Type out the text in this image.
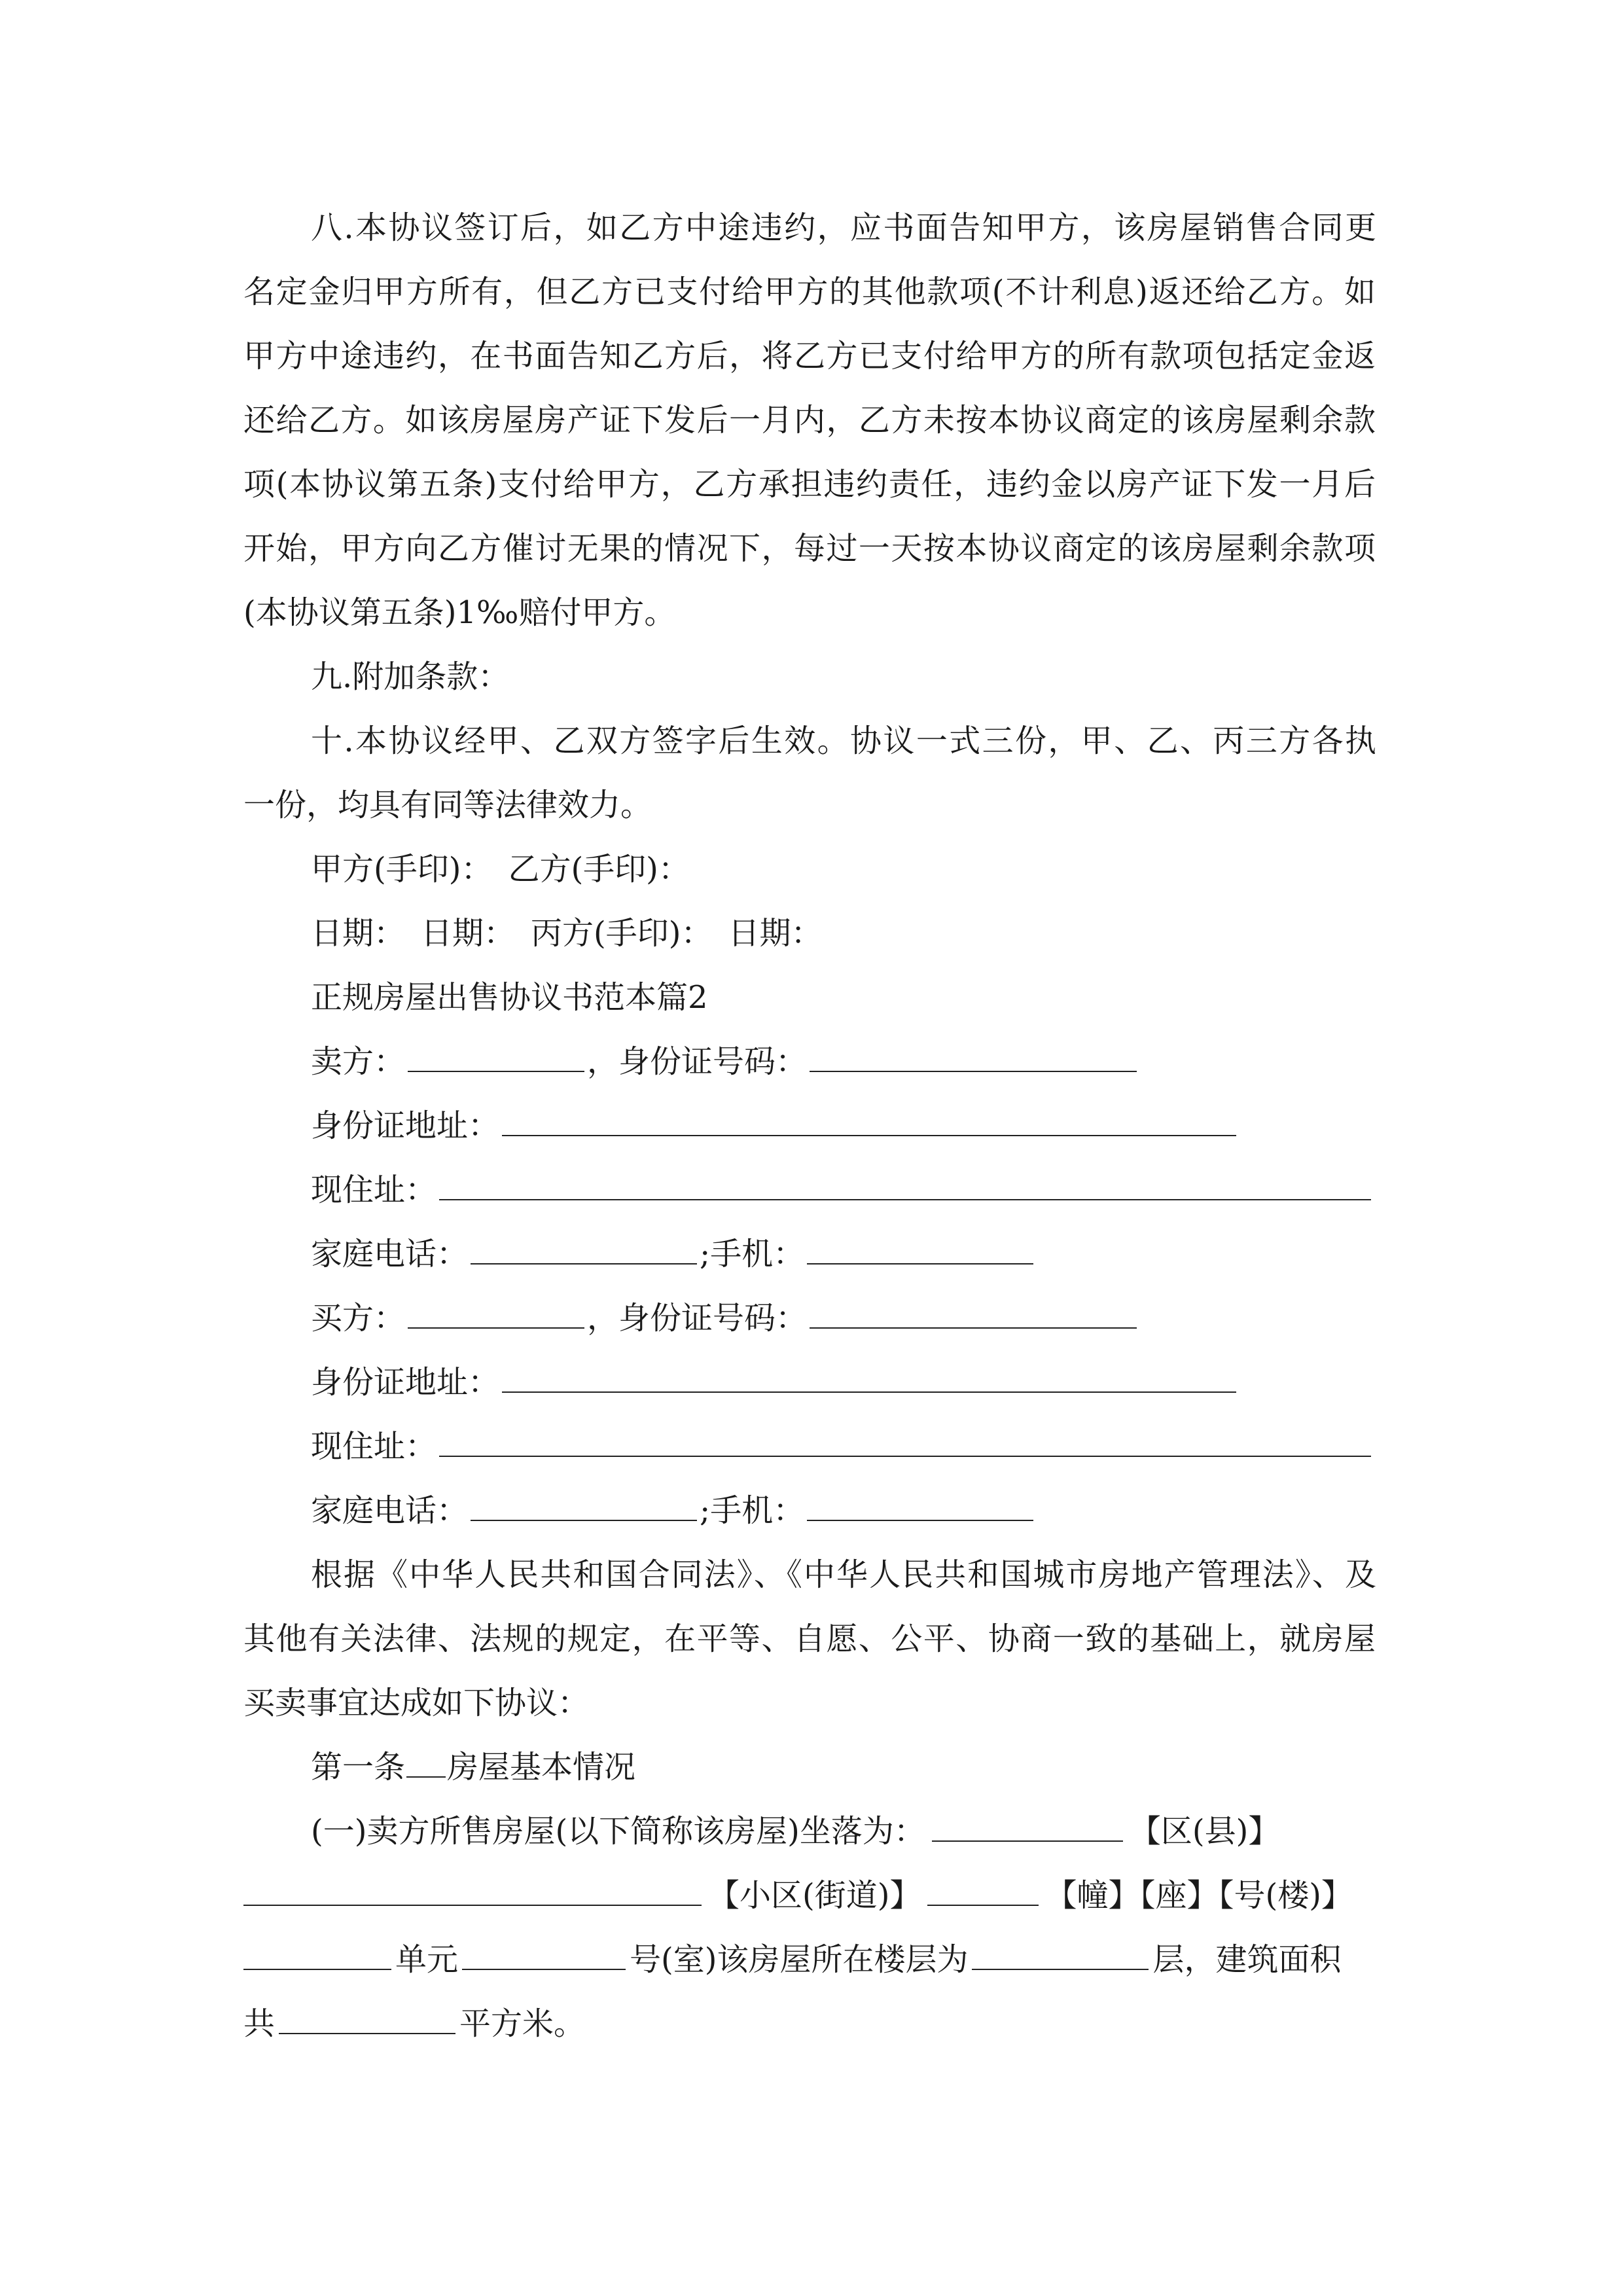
八.本协议签订后，如乙方中途违约，应书面告知甲方，该房屋销售合同更
名定金归甲方所有，但乙方已支付给甲方的其他款项(不计利息)返还给乙方。如
甲方中途违约，在书面告知乙方后，将乙方已支付给甲方的所有款项包括定金返
还给乙方。如该房屋房产证下发后一月内，乙方未按本协议商定的该房屋剩余款
项(本协议第五条)支付给甲方，乙方承担违约责任，违约金以房产证下发一月后
开始，甲方向乙方催讨无果的情况下，每过一天按本协议商定的该房屋剩余款项
(本协议第五条)1‰赔付甲方。
九.附加条款：
十.本协议经甲、乙双方签字后生效。协议一式三份，甲、乙、丙三方各执
一份，均具有同等法律效力。
甲方(手印)：　乙方(手印)：
日期：　日期：　丙方(手印)：　日期：
正规房屋出售协议书范本篇2
卖方：	，身份证号码：
身份证地址：
现住址：
家庭电话：	;手机：
买方：	，身份证号码：
身份证地址：
现住址：
家庭电话：	;手机：
根据《中华人民共和国合同法》、《中华人民共和国城市房地产管理法》、及
其他有关法律、法规的规定，在平等、自愿、公平、协商一致的基础上，就房屋
买卖事宜达成如下协议：
第一条 房屋基本情况
(一)卖方所售房屋(以下简称该房屋)坐落为：	【区(县)】
【小区(街道)】	【幢】【座】【号(楼)】
单元	号(室)该房屋所在楼层为	层，建筑面积
共	平方米。
